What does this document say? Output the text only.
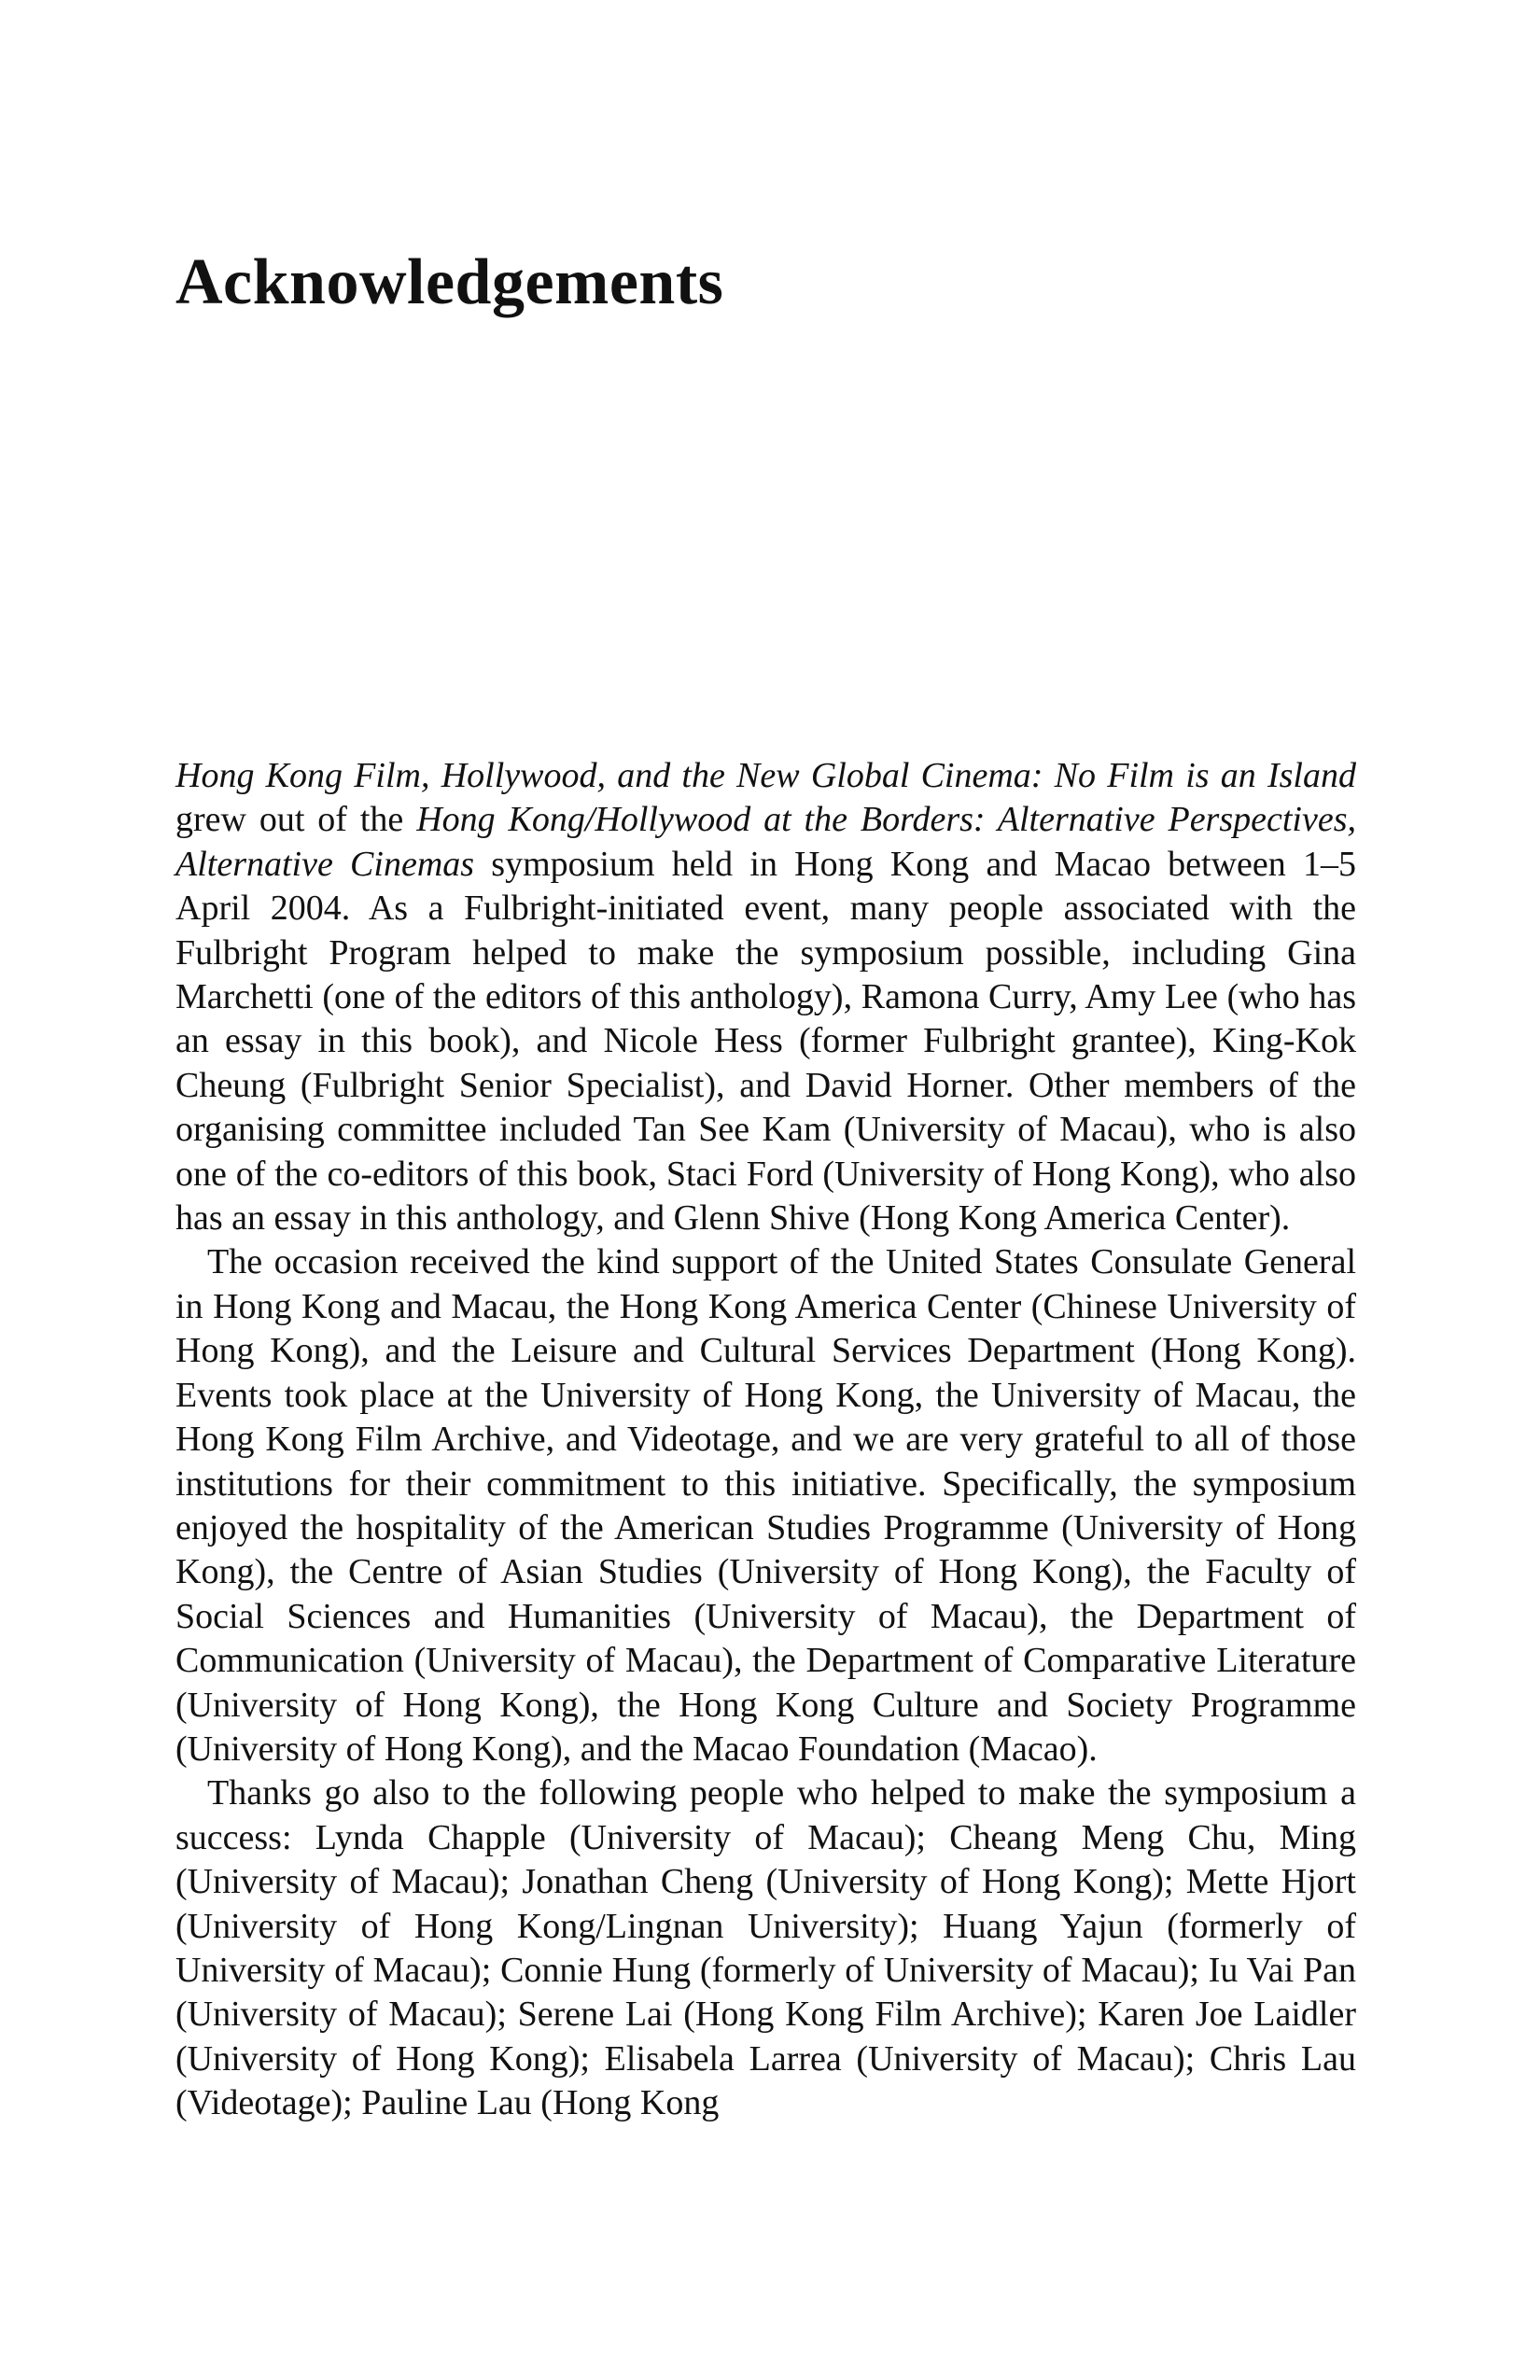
Acknowledgements

Hong Kong Film, Hollywood, and the New Global Cinema: No Film is an Island grew out of the Hong Kong/Hollywood at the Borders: Alternative Perspectives, Alternative Cinemas symposium held in Hong Kong and Macao between 1–5 April 2004. As a Fulbright-initiated event, many people associated with the Fulbright Program helped to make the symposium possible, including Gina Marchetti (one of the editors of this anthology), Ramona Curry, Amy Lee (who has an essay in this book), and Nicole Hess (former Fulbright grantee), King-Kok Cheung (Fulbright Senior Specialist), and David Horner. Other members of the organising committee included Tan See Kam (University of Macau), who is also one of the co-editors of this book, Staci Ford (University of Hong Kong), who also has an essay in this anthology, and Glenn Shive (Hong Kong America Center).

The occasion received the kind support of the United States Consulate General in Hong Kong and Macau, the Hong Kong America Center (Chinese University of Hong Kong), and the Leisure and Cultural Services Department (Hong Kong). Events took place at the University of Hong Kong, the University of Macau, the Hong Kong Film Archive, and Videotage, and we are very grateful to all of those institutions for their commitment to this initiative. Specifically, the symposium enjoyed the hospitality of the American Studies Programme (University of Hong Kong), the Centre of Asian Studies (University of Hong Kong), the Faculty of Social Sciences and Humanities (University of Macau), the Department of Communication (University of Macau), the Department of Comparative Literature (University of Hong Kong), the Hong Kong Culture and Society Programme (University of Hong Kong), and the Macao Foundation (Macao).

Thanks go also to the following people who helped to make the symposium a success: Lynda Chapple (University of Macau); Cheang Meng Chu, Ming (University of Macau); Jonathan Cheng (University of Hong Kong); Mette Hjort (University of Hong Kong/Lingnan University); Huang Yajun (formerly of University of Macau); Connie Hung (formerly of University of Macau); Iu Vai Pan (University of Macau); Serene Lai (Hong Kong Film Archive); Karen Joe Laidler (University of Hong Kong); Elisabela Larrea (University of Macau); Chris Lau (Videotage); Pauline Lau (Hong Kong
